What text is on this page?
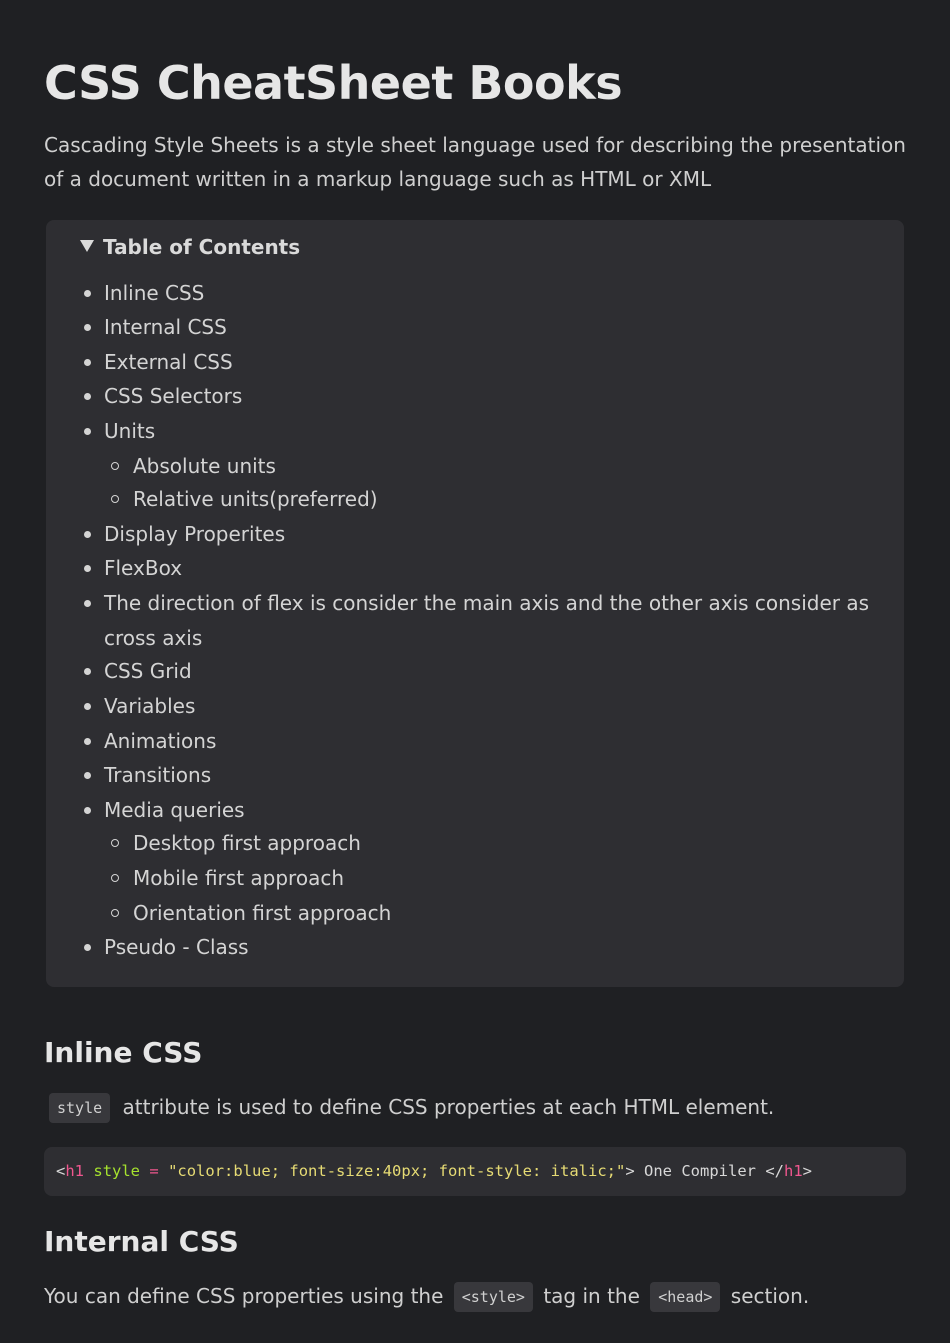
CSS CheatSheet Books

Cascading Style Sheets is a style sheet language used for describing the presentation of a document written in a markup language such as HTML or XML

Table of Contents
Inline CSS
Internal CSS
External CSS
CSS Selectors
Units
Absolute units
Relative units(preferred)
Display Properites
FlexBox
The direction of flex is consider the main axis and the other axis consider as
cross axis
CSS Grid
Variables
Animations
Transitions
Media queries
Desktop first approach
Mobile first approach
Orientation first approach
Pseudo - Class
Inline CSS

style attribute is used to define CSS properties at each HTML element.

<h1 style = "color:blue; font-size:40px; font-style: italic;"> One Compiler </h1>
Internal CSS

You can define CSS properties using the <style> tag in the <head> section.
